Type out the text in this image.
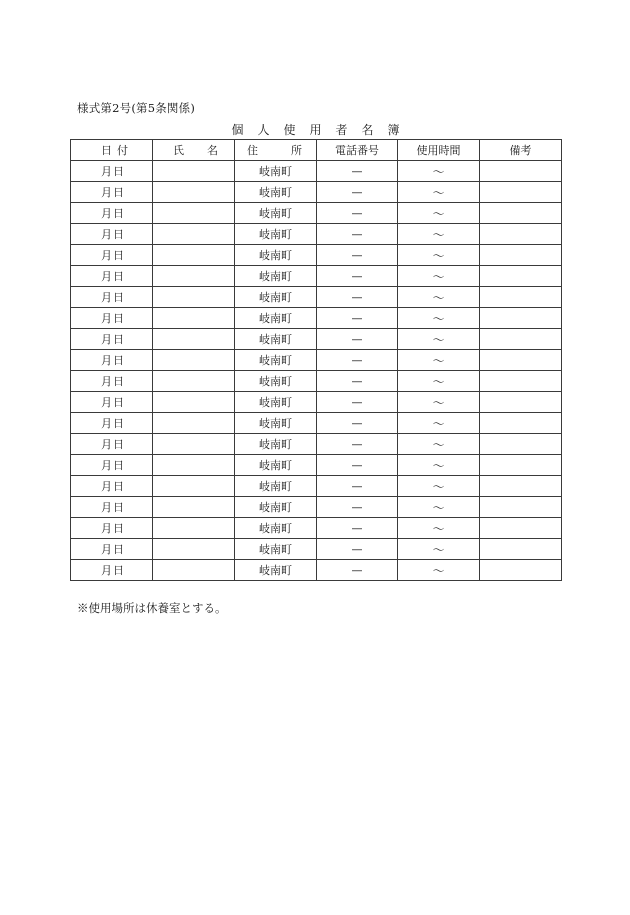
様式第2号(第5条関係)
個人使用者名簿
日 付	氏 名	住 所	電話番号	使用時間	備考

月 日		岐南町	—	〜	

月 日		岐南町	—	〜	

月 日		岐南町	—	〜	

月 日		岐南町	—	〜	

月 日		岐南町	—	〜	

月 日		岐南町	—	〜	

月 日		岐南町	—	〜	

月 日		岐南町	—	〜	

月 日		岐南町	—	〜	

月 日		岐南町	—	〜	

月 日		岐南町	—	〜	

月 日		岐南町	—	〜	

月 日		岐南町	—	〜	

月 日		岐南町	—	〜	

月 日		岐南町	—	〜	

月 日		岐南町	—	〜	

月 日		岐南町	—	〜	

月 日		岐南町	—	〜	

月 日		岐南町	—	〜	

月 日		岐南町	—	〜	
※使用場所は休養室とする。
